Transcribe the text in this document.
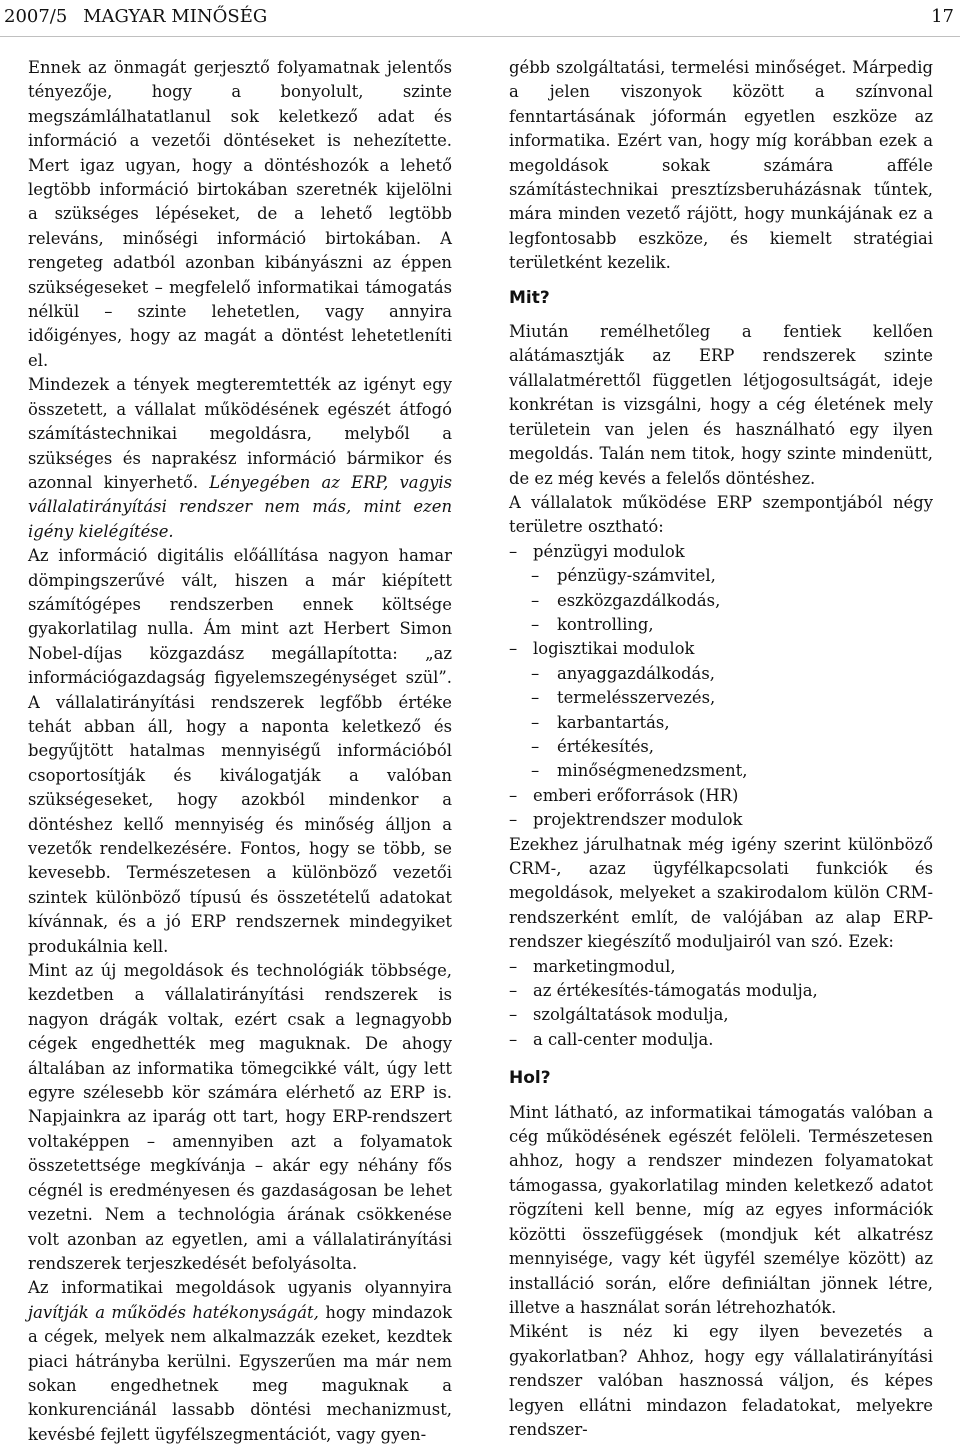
2007/5 MAGYAR MINŐSÉG	17

Ennek az önmagát gerjesztő folyamatnak jelentős tényezője, hogy a bonyolult, szinte megszámlálhatatlanul sok keletkező adat és információ a vezetői döntéseket is nehezítette. Mert igaz ugyan, hogy a döntéshozók a lehető legtöbb információ birtokában szeretnék kijelölni a szükséges lépéseket, de a lehető legtöbb releváns, minőségi információ birtokában. A rengeteg adatból azonban kibányászni az éppen szükségeseket – megfelelő informatikai támogatás nélkül – szinte lehetetlen, vagy annyira időigényes, hogy az magát a döntést lehetetleníti el.

Mindezek a tények megteremtették az igényt egy összetett, a vállalat működésének egészét átfogó számítástechnikai megoldásra, melyből a szükséges és naprakész információ bármikor és azonnal kinyerhető. Lényegében az ERP, vagyis vállalatirányítási rendszer nem más, mint ezen igény kielégítése.

Az információ digitális előállítása nagyon hamar dömpingszerűvé vált, hiszen a már kiépített számítógépes rendszerben ennek költsége gyakorlatilag nulla. Ám mint azt Herbert Simon Nobel-díjas közgazdász megállapította: „az információgazdagság figyelemszegénységet szül”. A vállalatirányítási rendszerek legfőbb értéke tehát abban áll, hogy a naponta keletkező és begyűjtött hatalmas mennyiségű információból csoportosítják és kiválogatják a valóban szükségeseket, hogy azokból mindenkor a döntéshez kellő mennyiség és minőség álljon a vezetők rendelkezésére. Fontos, hogy se több, se kevesebb. Természetesen a különböző vezetői szintek különböző típusú és összetételű adatokat kívánnak, és a jó ERP rendszernek mindegyiket produkálnia kell.

Mint az új megoldások és technológiák többsége, kezdetben a vállalatirányítási rendszerek is nagyon drágák voltak, ezért csak a legnagyobb cégek engedhették meg maguknak. De ahogy általában az informatika tömegcikké vált, úgy lett egyre szélesebb kör számára elérhető az ERP is. Napjainkra az iparág ott tart, hogy ERP-rendszert voltaképpen – amennyiben azt a folyamatok összetettsége megkívánja – akár egy néhány fős cégnél is eredményesen és gazdaságosan be lehet vezetni. Nem a technológia árának csökkenése volt azonban az egyetlen, ami a vállalatirányítási rendszerek terjeszkedését befolyásolta.

Az informatikai megoldások ugyanis olyannyira javítják a működés hatékonyságát, hogy mindazok a cégek, melyek nem alkalmazzák ezeket, kezdtek piaci hátrányba kerülni. Egyszerűen ma már nem sokan engedhetnek meg maguknak a konkurenciánál lassabb döntési mechanizmust, kevésbé fejlett ügyfélszegmentációt, vagy gyen-

gébb szolgáltatási, termelési minőséget. Márpedig a jelen viszonyok között a színvonal fenntartásának jóformán egyetlen eszköze az informatika. Ezért van, hogy míg korábban ezek a megoldások sokak számára afféle számítástechnikai presztízsberuházásnak tűntek, mára minden vezető rájött, hogy munkájának ez a legfontosabb eszköze, és kiemelt stratégiai területként kezelik.

Mit?

Miután remélhetőleg a fentiek kellően alátámasztják az ERP rendszerek szinte vállalatmérettől független létjogosultságát, ideje konkrétan is vizsgálni, hogy a cég életének mely területein van jelen és használható egy ilyen megoldás. Talán nem titok, hogy szinte mindenütt, de ez még kevés a felelős döntéshez.

A vállalatok működése ERP szempontjából négy területre osztható:

– pénzügyi modulok
– pénzügy-számvitel,
– eszközgazdálkodás,
– kontrolling,
– logisztikai modulok
– anyaggazdálkodás,
– termelésszervezés,
– karbantartás,
– értékesítés,
– minőségmenedzsment,
– emberi erőforrások (HR)
– projektrendszer modulok

Ezekhez járulhatnak még igény szerint különböző CRM-, azaz ügyfélkapcsolati funkciók és megoldások, melyeket a szakirodalom külön CRM-rendszerként említ, de valójában az alap ERP-rendszer kiegészítő moduljairól van szó. Ezek:

– marketingmodul,
– az értékesítés-támogatás modulja,
– szolgáltatások modulja,
– a call-center modulja.
Hol?

Mint látható, az informatikai támogatás valóban a cég működésének egészét felöleli. Természetesen ahhoz, hogy a rendszer mindezen folyamatokat támogassa, gyakorlatilag minden keletkező adatot rögzíteni kell benne, míg az egyes információk közötti összefüggések (mondjuk két alkatrész mennyisége, vagy két ügyfél személye között) az installáció során, előre definiáltan jönnek létre, illetve a használat során létrehozhatók.

Miként is néz ki egy ilyen bevezetés a gyakorlatban? Ahhoz, hogy egy vállalatirányítási rendszer valóban hasznossá váljon, és képes legyen ellátni mindazon feladatokat, melyekre rendszer-
